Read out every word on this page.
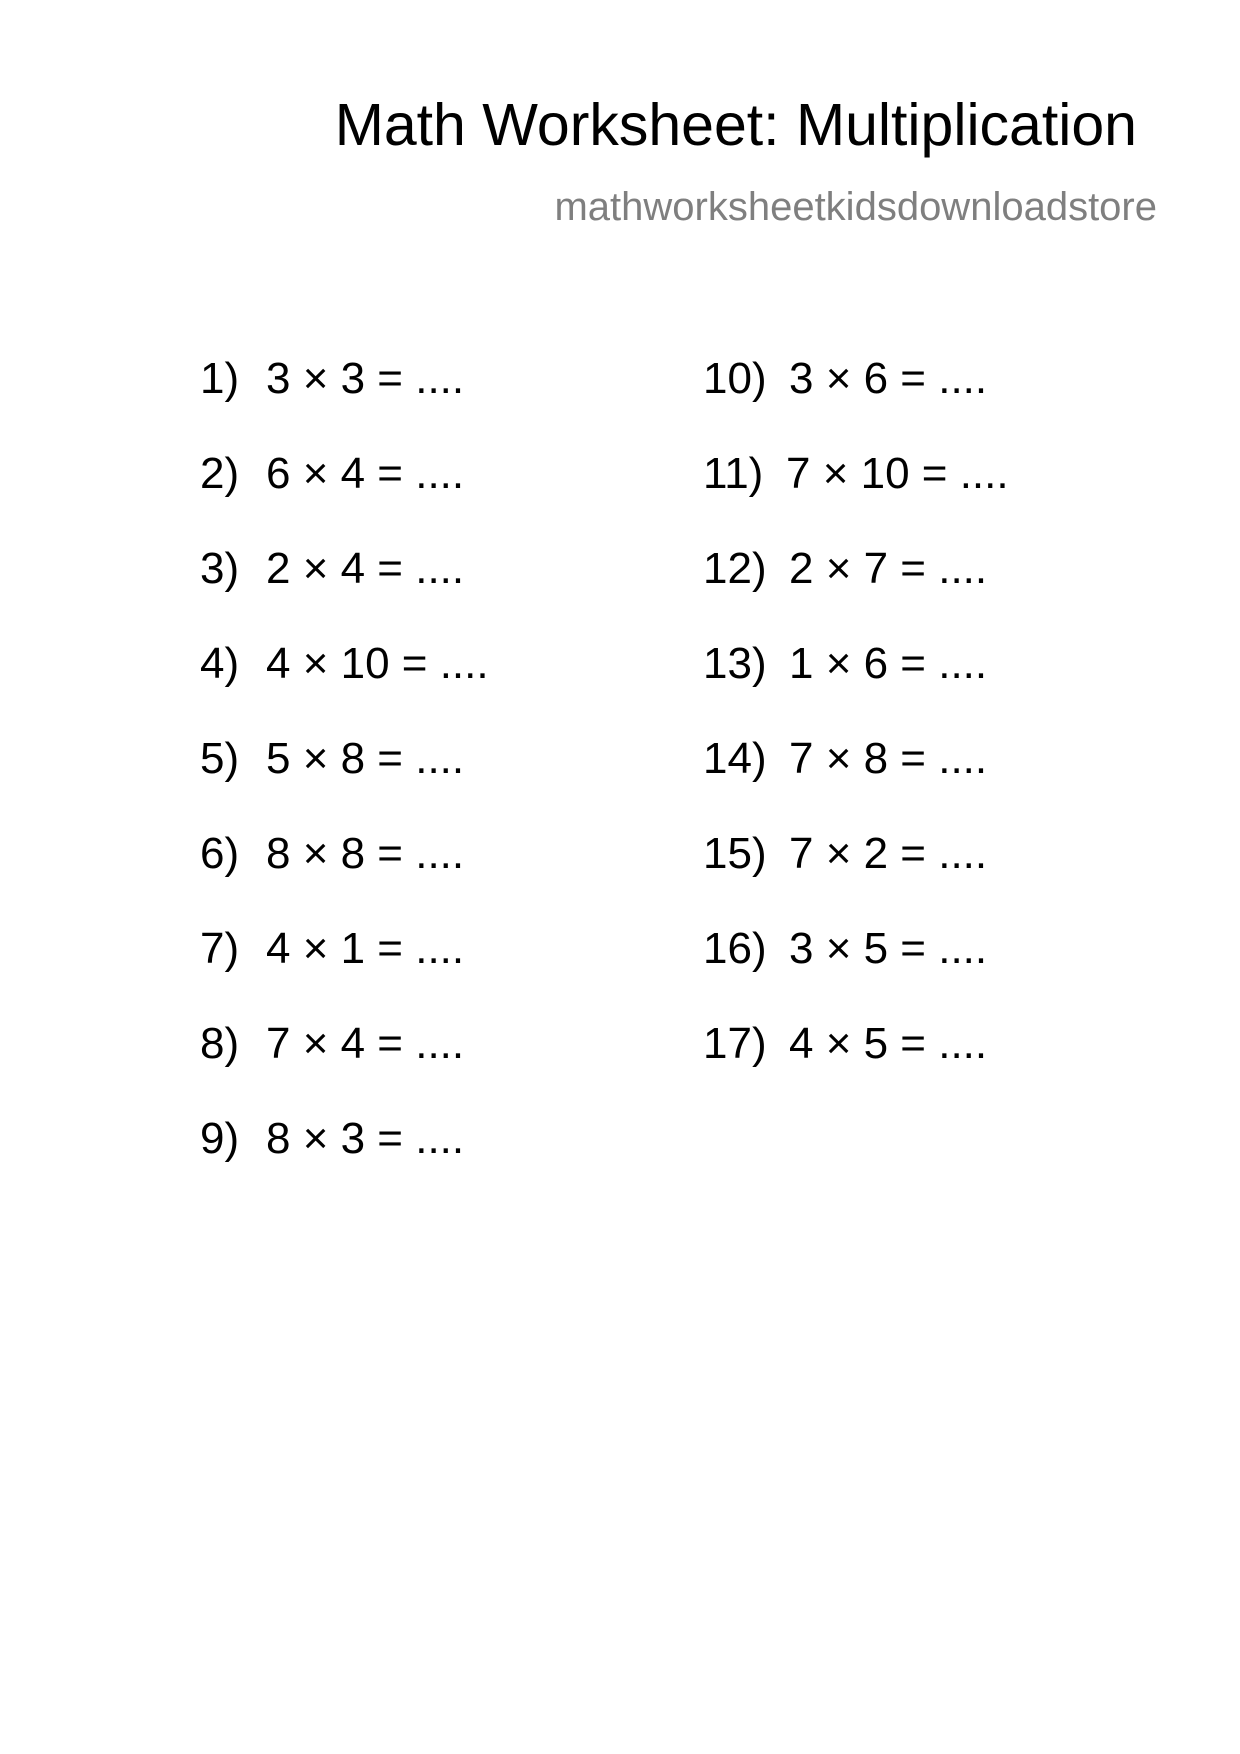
Math Worksheet: Multiplication
mathworksheetkidsdownloadstore
1) 3 × 3 = ....
2) 6 × 4 = ....
3) 2 × 4 = ....
4) 4 × 10 = ....
5) 5 × 8 = ....
6) 8 × 8 = ....
7) 4 × 1 = ....
8) 7 × 4 = ....
9) 8 × 3 = ....
10) 3 × 6 = ....
11) 7 × 10 = ....
12) 2 × 7 = ....
13) 1 × 6 = ....
14) 7 × 8 = ....
15) 7 × 2 = ....
16) 3 × 5 = ....
17) 4 × 5 = ....
